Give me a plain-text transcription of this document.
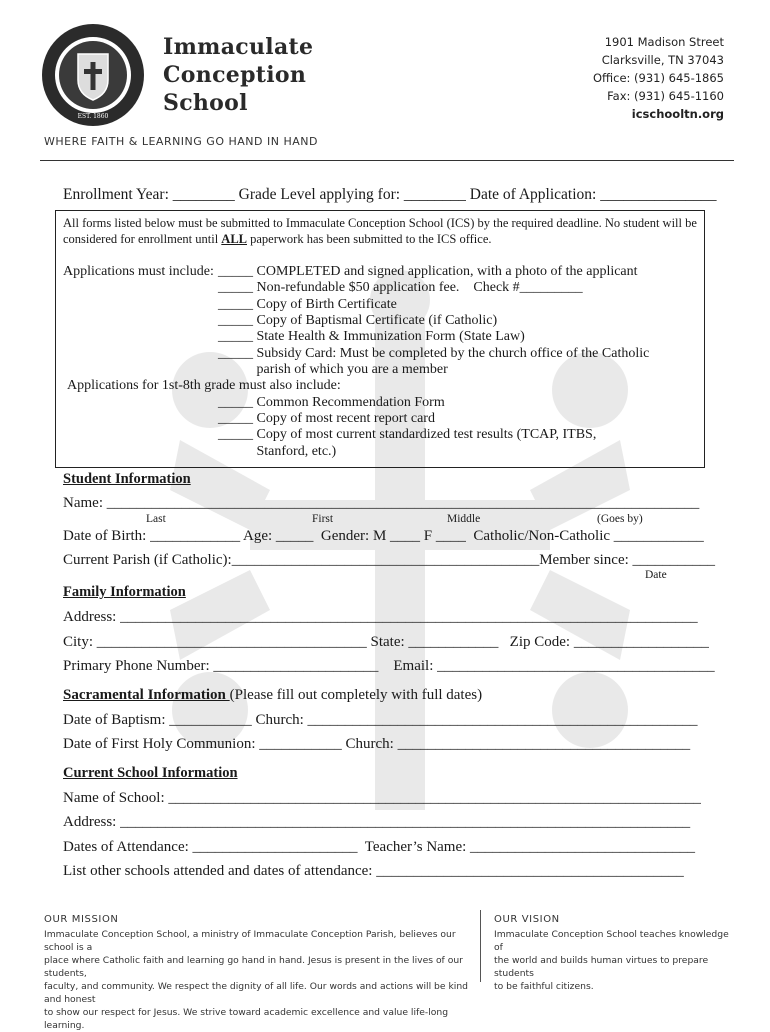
EST. 1860
Immaculate
Conception
School
WHERE FAITH & LEARNING GO HAND IN HAND
1901 Madison Street
Clarksville, TN 37043
Office: (931) 645-1865
Fax: (931) 645-1160
icschooltn.org
Enrollment Year: ________ Grade Level applying for: ________ Date of Application: _______________
All forms listed below must be submitted to Immaculate Conception School (ICS) by the required deadline. No student will be
considered for enrollment until ALL paperwork has been submitted to the ICS office.
Applications must include: _____ COMPLETED and signed application, with a photo of the applicant
_____ Non-refundable $50 application fee.    Check #_________
_____ Copy of Birth Certificate
_____ Copy of Baptismal Certificate (if Catholic)
_____ State Health & Immunization Form (State Law)
_____ Subsidy Card: Must be completed by the church office of the Catholic
parish of which you are a member
Applications for 1st-8th grade must also include:
_____ Common Recommendation Form
_____ Copy of most recent report card
_____ Copy of most current standardized test results (TCAP, ITBS,
Stanford, etc.)
Student Information
Name: _______________________________________________________________________________
Last	First	Middle	(Goes by)
Date of Birth: ____________ Age: _____  Gender: M ____ F ____  Catholic/Non-Catholic ____________
Current Parish (if Catholic):_________________________________________Member since: ___________
Date
Family Information
Address: _____________________________________________________________________________
City: ____________________________________ State: ____________   Zip Code: __________________
Primary Phone Number: ______________________    Email: _____________________________________
Sacramental Information (Please fill out completely with full dates)
Date of Baptism: ___________ Church: ____________________________________________________
Date of First Holy Communion: ___________ Church: _______________________________________
Current School Information
Name of School: _______________________________________________________________________
Address: ____________________________________________________________________________
Dates of Attendance: ______________________  Teacher’s Name: ______________________________
List other schools attended and dates of attendance: _________________________________________
OUR MISSION
Immaculate Conception School, a ministry of Immaculate Conception Parish, believes our school is a
place where Catholic faith and learning go hand in hand. Jesus is present in the lives of our students,
faculty, and community. We respect the dignity of all life. Our words and actions will be kind and honest
to show our respect for Jesus. We strive toward academic excellence and value life-long learning.
OUR VISION
Immaculate Conception School teaches knowledge of
the world and builds human virtues to prepare students
to be faithful citizens.
